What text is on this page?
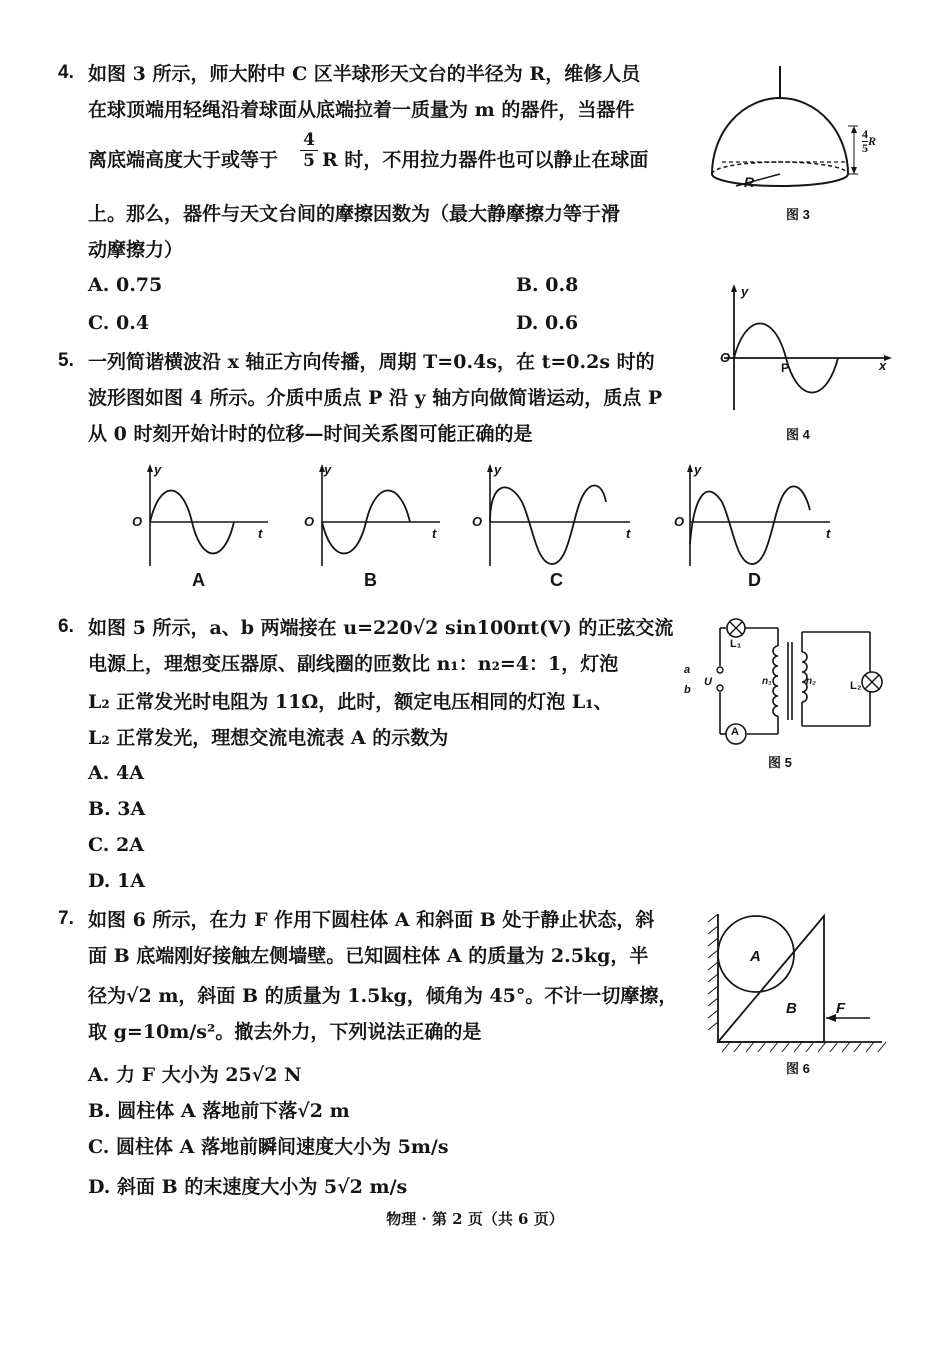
4. 如图 3 所示，师大附中 C 区半球形天文台的半径为 R，维修人员
在球顶端用轻绳沿着球面从底端拉着一质量为 m 的器件，当器件
离底端高度大于或等于 $\frac{4}{5}$ R 时，不用拉力器件也可以静止在球面
上。那么，器件与天文台间的摩擦因数为（最大静摩擦力等于滑
动摩擦力）
A. 0.75	B. 0.8
C. 0.4	D. 0.6
R
$\frac{4}{5}$ R
图 3
5. 一列简谐横波沿 x 轴正方向传播，周期 T=0.4s，在 t=0.2s 时的
波形图如图 4 所示。介质中质点 P 沿 y 轴方向做简谐运动，质点 P
从 0 时刻开始计时的位移—时间关系图可能正确的是
y
O
P	x
图 4
y
O
t
A
y
O
t
B
y
O
t
C
y
O
t
D
6. 如图 5 所示，a、b 两端接在 u=220√2 sin100πt(V) 的正弦交流
电源上，理想变压器原、副线圈的匝数比 n₁：n₂=4：1，灯泡
L₂ 正常发光时电阻为 11Ω，此时，额定电压相同的灯泡 L₁、
L₂ 正常发光，理想交流电流表 A 的示数为
A. 4A
B. 3A
C. 2A
D. 1A
L₁
L₂
a
b
U	n₁	n₂
A
图 5
7. 如图 6 所示，在力 F 作用下圆柱体 A 和斜面 B 处于静止状态，斜
面 B 底端刚好接触左侧墙壁。已知圆柱体 A 的质量为 2.5kg，半
径为√2 m，斜面 B 的质量为 1.5kg，倾角为 45°。不计一切摩擦，
取 g=10m/s²。撤去外力，下列说法正确的是
A. 力 F 大小为 25√2 N
B. 圆柱体 A 落地前下落√2 m
C. 圆柱体 A 落地前瞬间速度大小为 5m/s
D. 斜面 B 的末速度大小为 5√2 m/s
A
B	F
图 6
物理 · 第 2 页（共 6 页）
